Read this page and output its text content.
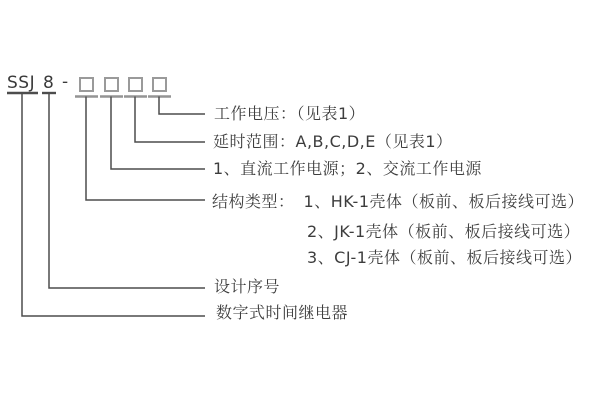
SSJ 8 -
工作电压：（见表1）
延时范围：A,B,C,D,E（见表1）
1、直流工作电源；2、交流工作电源
结构类型： 1、HK-1壳体（板前、板后接线可选）
2、JK-1壳体（板前、板后接线可选）
3、CJ-1壳体（板前、板后接线可选）
设计序号
数字式时间继电器
